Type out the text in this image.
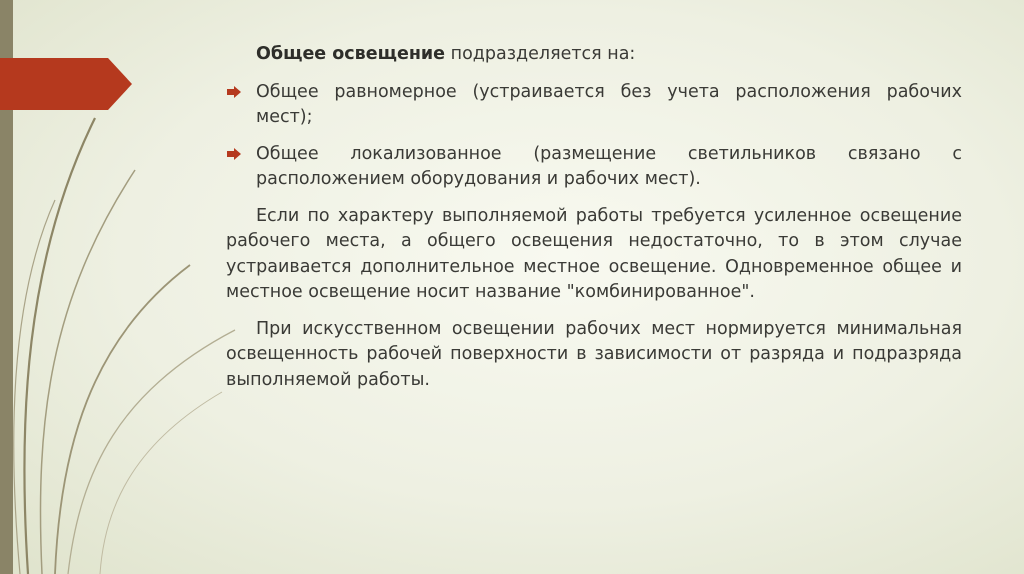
Общее освещение подразделяется на:
Общее равномерное (устраивается без учета расположения рабочих мест);
Общее локализованное (размещение светильников связано с расположением оборудования и рабочих мест).

Если по характеру выполняемой работы требуется усиленное освещение рабочего места, а общего освещения недостаточно, то в этом случае устраивается дополнительное местное освещение. Одновременное общее и местное освещение носит название "комбинированное".

При искусственном освещении рабочих мест нормируется минимальная освещенность рабочей поверхности в зависимости от разряда и подразряда выполняемой работы.
